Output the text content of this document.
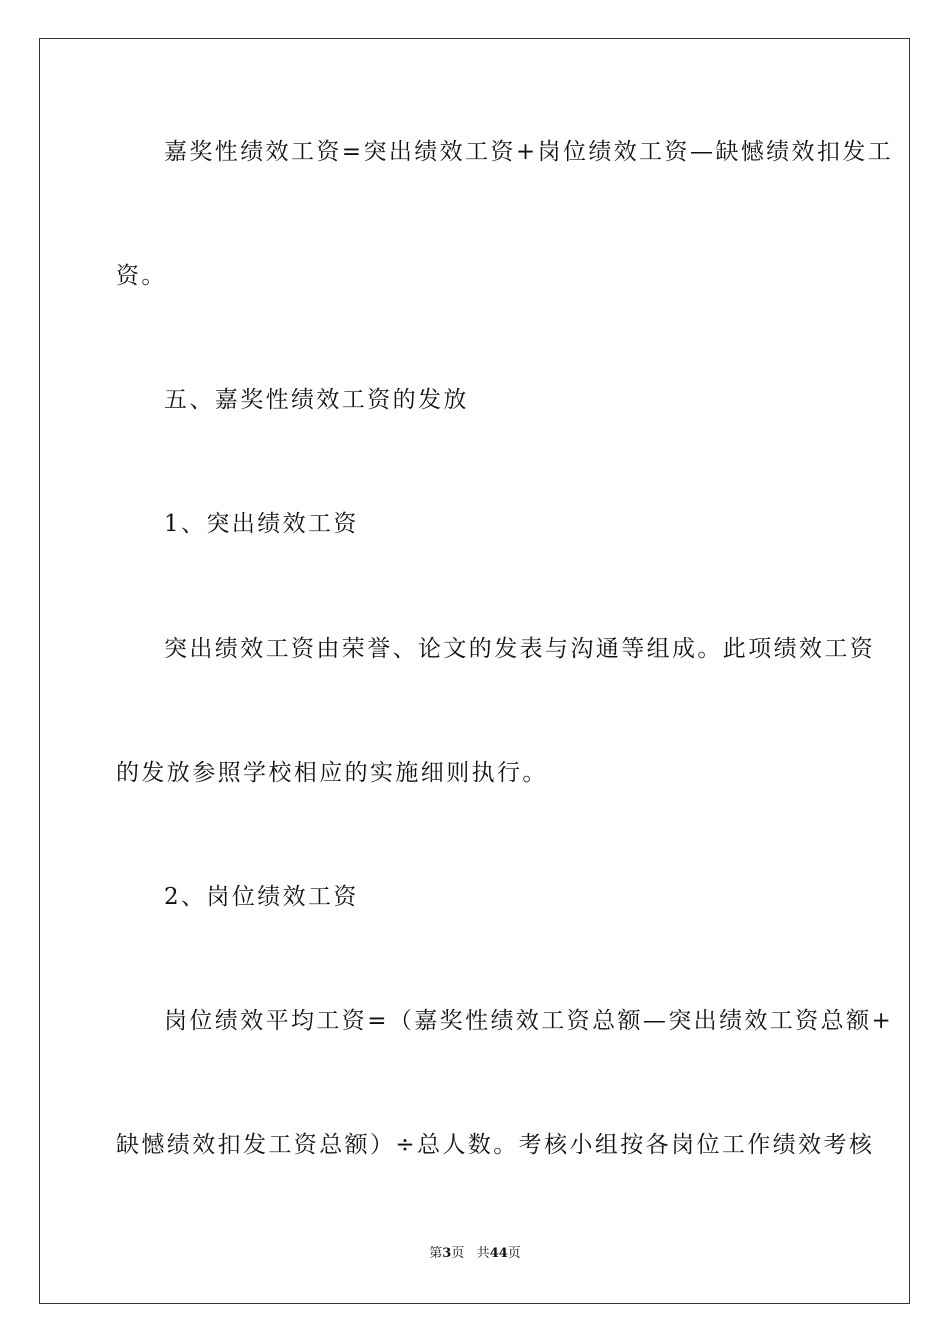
嘉奖性绩效工资=突出绩效工资+岗位绩效工资—缺憾绩效扣发工
资。
五、嘉奖性绩效工资的发放
1、突出绩效工资
突出绩效工资由荣誉、论文的发表与沟通等组成。此项绩效工资
的发放参照学校相应的实施细则执行。
2、岗位绩效工资
岗位绩效平均工资=（嘉奖性绩效工资总额—突出绩效工资总额+
缺憾绩效扣发工资总额）÷总人数。考核小组按各岗位工作绩效考核
第3页 共44页
